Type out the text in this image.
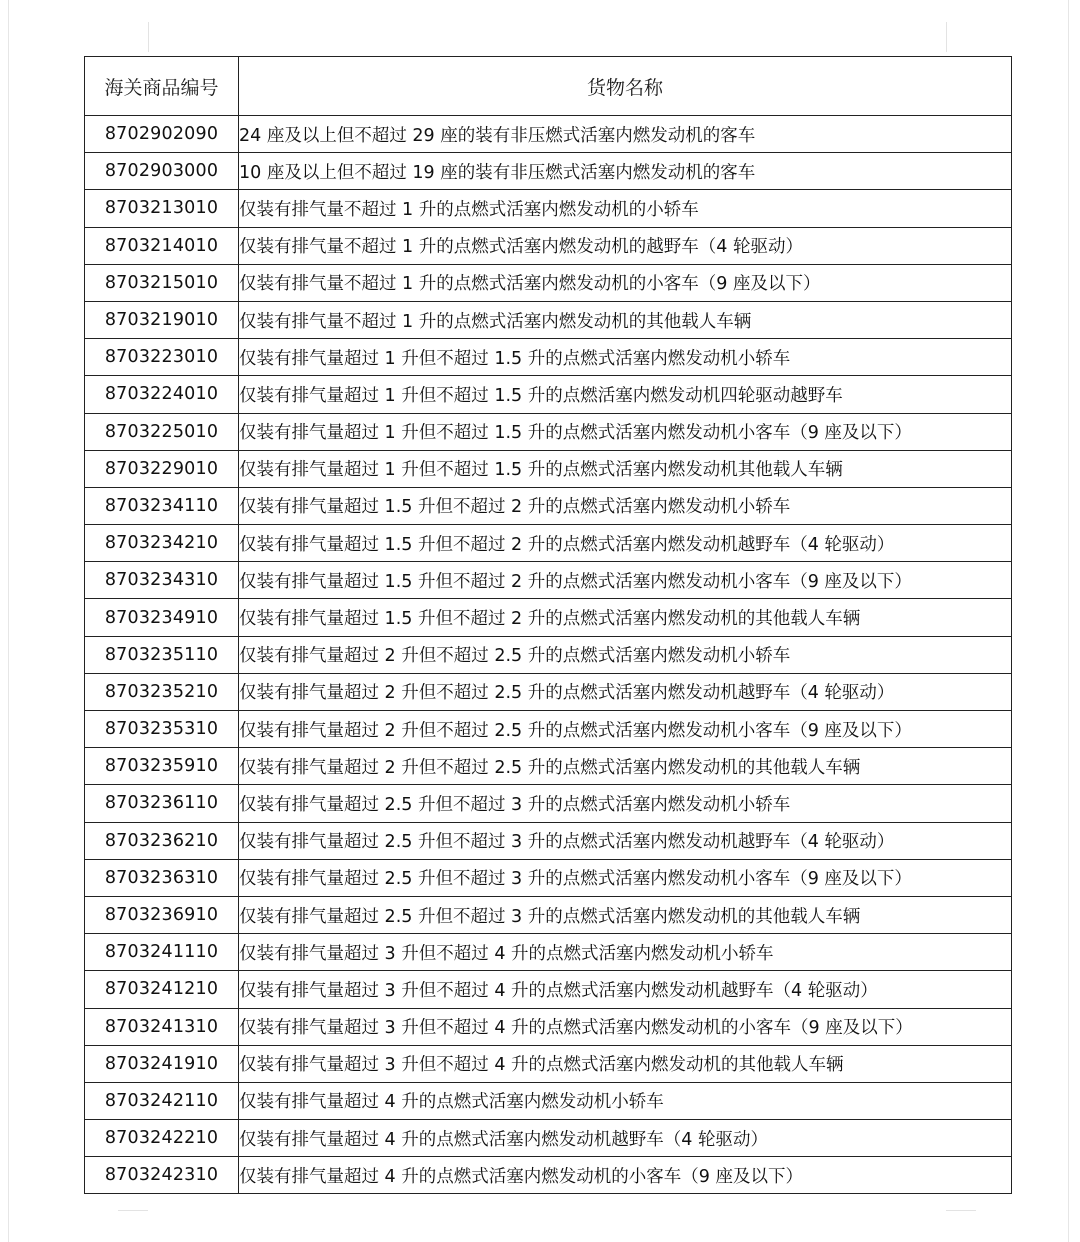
海关商品编号	货物名称
8702902090	24 座及以上但不超过 29 座的装有非压燃式活塞内燃发动机的客车
8702903000	10 座及以上但不超过 19 座的装有非压燃式活塞内燃发动机的客车
8703213010	仅装有排气量不超过 1 升的点燃式活塞内燃发动机的小轿车
8703214010	仅装有排气量不超过 1 升的点燃式活塞内燃发动机的越野车（4 轮驱动）
8703215010	仅装有排气量不超过 1 升的点燃式活塞内燃发动机的小客车（9 座及以下）
8703219010	仅装有排气量不超过 1 升的点燃式活塞内燃发动机的其他载人车辆
8703223010	仅装有排气量超过 1 升但不超过 1.5 升的点燃式活塞内燃发动机小轿车
8703224010	仅装有排气量超过 1 升但不超过 1.5 升的点燃活塞内燃发动机四轮驱动越野车
8703225010	仅装有排气量超过 1 升但不超过 1.5 升的点燃式活塞内燃发动机小客车（9 座及以下）
8703229010	仅装有排气量超过 1 升但不超过 1.5 升的点燃式活塞内燃发动机其他载人车辆
8703234110	仅装有排气量超过 1.5 升但不超过 2 升的点燃式活塞内燃发动机小轿车
8703234210	仅装有排气量超过 1.5 升但不超过 2 升的点燃式活塞内燃发动机越野车（4 轮驱动）
8703234310	仅装有排气量超过 1.5 升但不超过 2 升的点燃式活塞内燃发动机小客车（9 座及以下）
8703234910	仅装有排气量超过 1.5 升但不超过 2 升的点燃式活塞内燃发动机的其他载人车辆
8703235110	仅装有排气量超过 2 升但不超过 2.5 升的点燃式活塞内燃发动机小轿车
8703235210	仅装有排气量超过 2 升但不超过 2.5 升的点燃式活塞内燃发动机越野车（4 轮驱动）
8703235310	仅装有排气量超过 2 升但不超过 2.5 升的点燃式活塞内燃发动机小客车（9 座及以下）
8703235910	仅装有排气量超过 2 升但不超过 2.5 升的点燃式活塞内燃发动机的其他载人车辆
8703236110	仅装有排气量超过 2.5 升但不超过 3 升的点燃式活塞内燃发动机小轿车
8703236210	仅装有排气量超过 2.5 升但不超过 3 升的点燃式活塞内燃发动机越野车（4 轮驱动）
8703236310	仅装有排气量超过 2.5 升但不超过 3 升的点燃式活塞内燃发动机小客车（9 座及以下）
8703236910	仅装有排气量超过 2.5 升但不超过 3 升的点燃式活塞内燃发动机的其他载人车辆
8703241110	仅装有排气量超过 3 升但不超过 4 升的点燃式活塞内燃发动机小轿车
8703241210	仅装有排气量超过 3 升但不超过 4 升的点燃式活塞内燃发动机越野车（4 轮驱动）
8703241310	仅装有排气量超过 3 升但不超过 4 升的点燃式活塞内燃发动机的小客车（9 座及以下）
8703241910	仅装有排气量超过 3 升但不超过 4 升的点燃式活塞内燃发动机的其他载人车辆
8703242110	仅装有排气量超过 4 升的点燃式活塞内燃发动机小轿车
8703242210	仅装有排气量超过 4 升的点燃式活塞内燃发动机越野车（4 轮驱动）
8703242310	仅装有排气量超过 4 升的点燃式活塞内燃发动机的小客车（9 座及以下）
